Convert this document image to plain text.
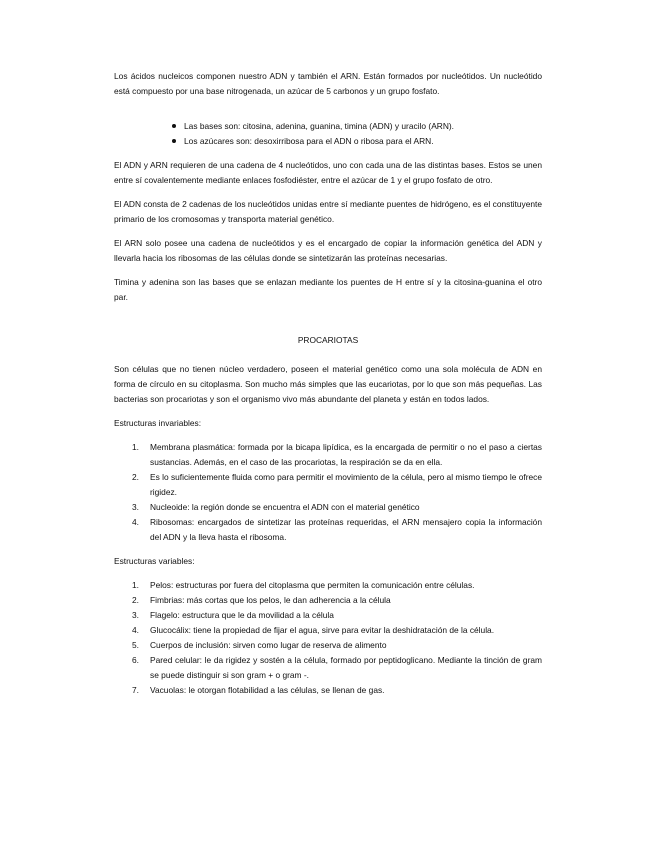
Los ácidos nucleicos componen nuestro ADN y también el ARN. Están formados por nucleótidos. Un nucleótido está compuesto por una base nitrogenada, un azúcar de 5 carbonos y un grupo fosfato.

Las bases son: citosina, adenina, guanina, timina (ADN) y uracilo (ARN).
Los azúcares son: desoxirribosa para el ADN o ribosa para el ARN.

El ADN y ARN requieren de una cadena de 4 nucleótidos, uno con cada una de las distintas bases. Estos se unen entre sí covalentemente mediante enlaces fosfodiéster, entre el azúcar de 1 y el grupo fosfato de otro.

El ADN consta de 2 cadenas de los nucleótidos unidas entre sí mediante puentes de hidrógeno, es el constituyente primario de los cromosomas y transporta material genético.

El ARN solo posee una cadena de nucleótidos y es el encargado de copiar la información genética del ADN y llevarla hacia los ribosomas de las células donde se sintetizarán las proteínas necesarias.

Timina y adenina son las bases que se enlazan mediante los puentes de H entre sí y la citosina-guanina el otro par.

PROCARIOTAS

Son células que no tienen núcleo verdadero, poseen el material genético como una sola molécula de ADN en forma de círculo en su citoplasma. Son mucho más simples que las eucariotas, por lo que son más pequeñas. Las bacterias son procariotas y son el organismo vivo más abundante del planeta y están en todos lados.

Estructuras invariables:

1. Membrana plasmática: formada por la bicapa lipídica, es la encargada de permitir o no el paso a ciertas sustancias. Además, en el caso de las procariotas, la respiración se da en ella.
2. Es lo suficientemente fluida como para permitir el movimiento de la célula, pero al mismo tiempo le ofrece rigidez.
3. Nucleoide: la región donde se encuentra el ADN con el material genético
4. Ribosomas: encargados de sintetizar las proteínas requeridas, el ARN mensajero copia la información del ADN y la lleva hasta el ribosoma.

Estructuras variables:

1. Pelos: estructuras por fuera del citoplasma que permiten la comunicación entre células.
2. Fimbrias: más cortas que los pelos, le dan adherencia a la célula
3. Flagelo: estructura que le da movilidad a la célula
4. Glucocálix: tiene la propiedad de fijar el agua, sirve para evitar la deshidratación de la célula.
5. Cuerpos de inclusión: sirven como lugar de reserva de alimento
6. Pared celular: le da rigidez y sostén a la célula, formado por peptidoglicano. Mediante la tinción de gram se puede distinguir si son gram + o gram -.
7. Vacuolas: le otorgan flotabilidad a las células, se llenan de gas.
